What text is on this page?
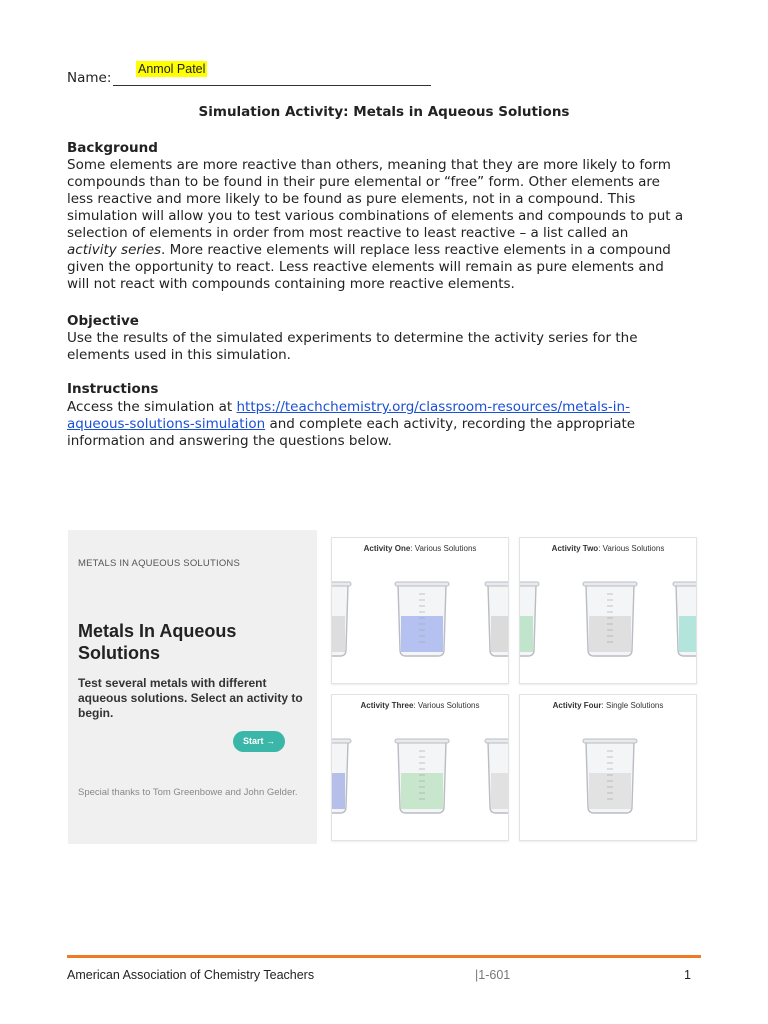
Name:
Anmol Patel
Simulation Activity: Metals in Aqueous Solutions
Background
Some elements are more reactive than others, meaning that they are more likely to form
compounds than to be found in their pure elemental or “free” form. Other elements are
less reactive and more likely to be found as pure elements, not in a compound. This
simulation will allow you to test various combinations of elements and compounds to put a
selection of elements in order from most reactive to least reactive – a list called an
activity series. More reactive elements will replace less reactive elements in a compound
given the opportunity to react. Less reactive elements will remain as pure elements and
will not react with compounds containing more reactive elements.
Objective
Use the results of the simulated experiments to determine the activity series for the
elements used in this simulation.
Instructions
Access the simulation at https://teachchemistry.org/classroom-resources/metals-in-
aqueous-solutions-simulation and complete each activity, recording the appropriate
information and answering the questions below.
METALS IN AQUEOUS SOLUTIONS
Metals In Aqueous Solutions
Test several metals with different aqueous solutions. Select an activity to begin.
Start →
Special thanks to Tom Greenbowe and John Gelder.
Activity One: Various Solutions	Activity Two: Various Solutions
Activity Three: Various Solutions	Activity Four: Single Solutions
American Association of Chemistry Teachers	|1-601	1
